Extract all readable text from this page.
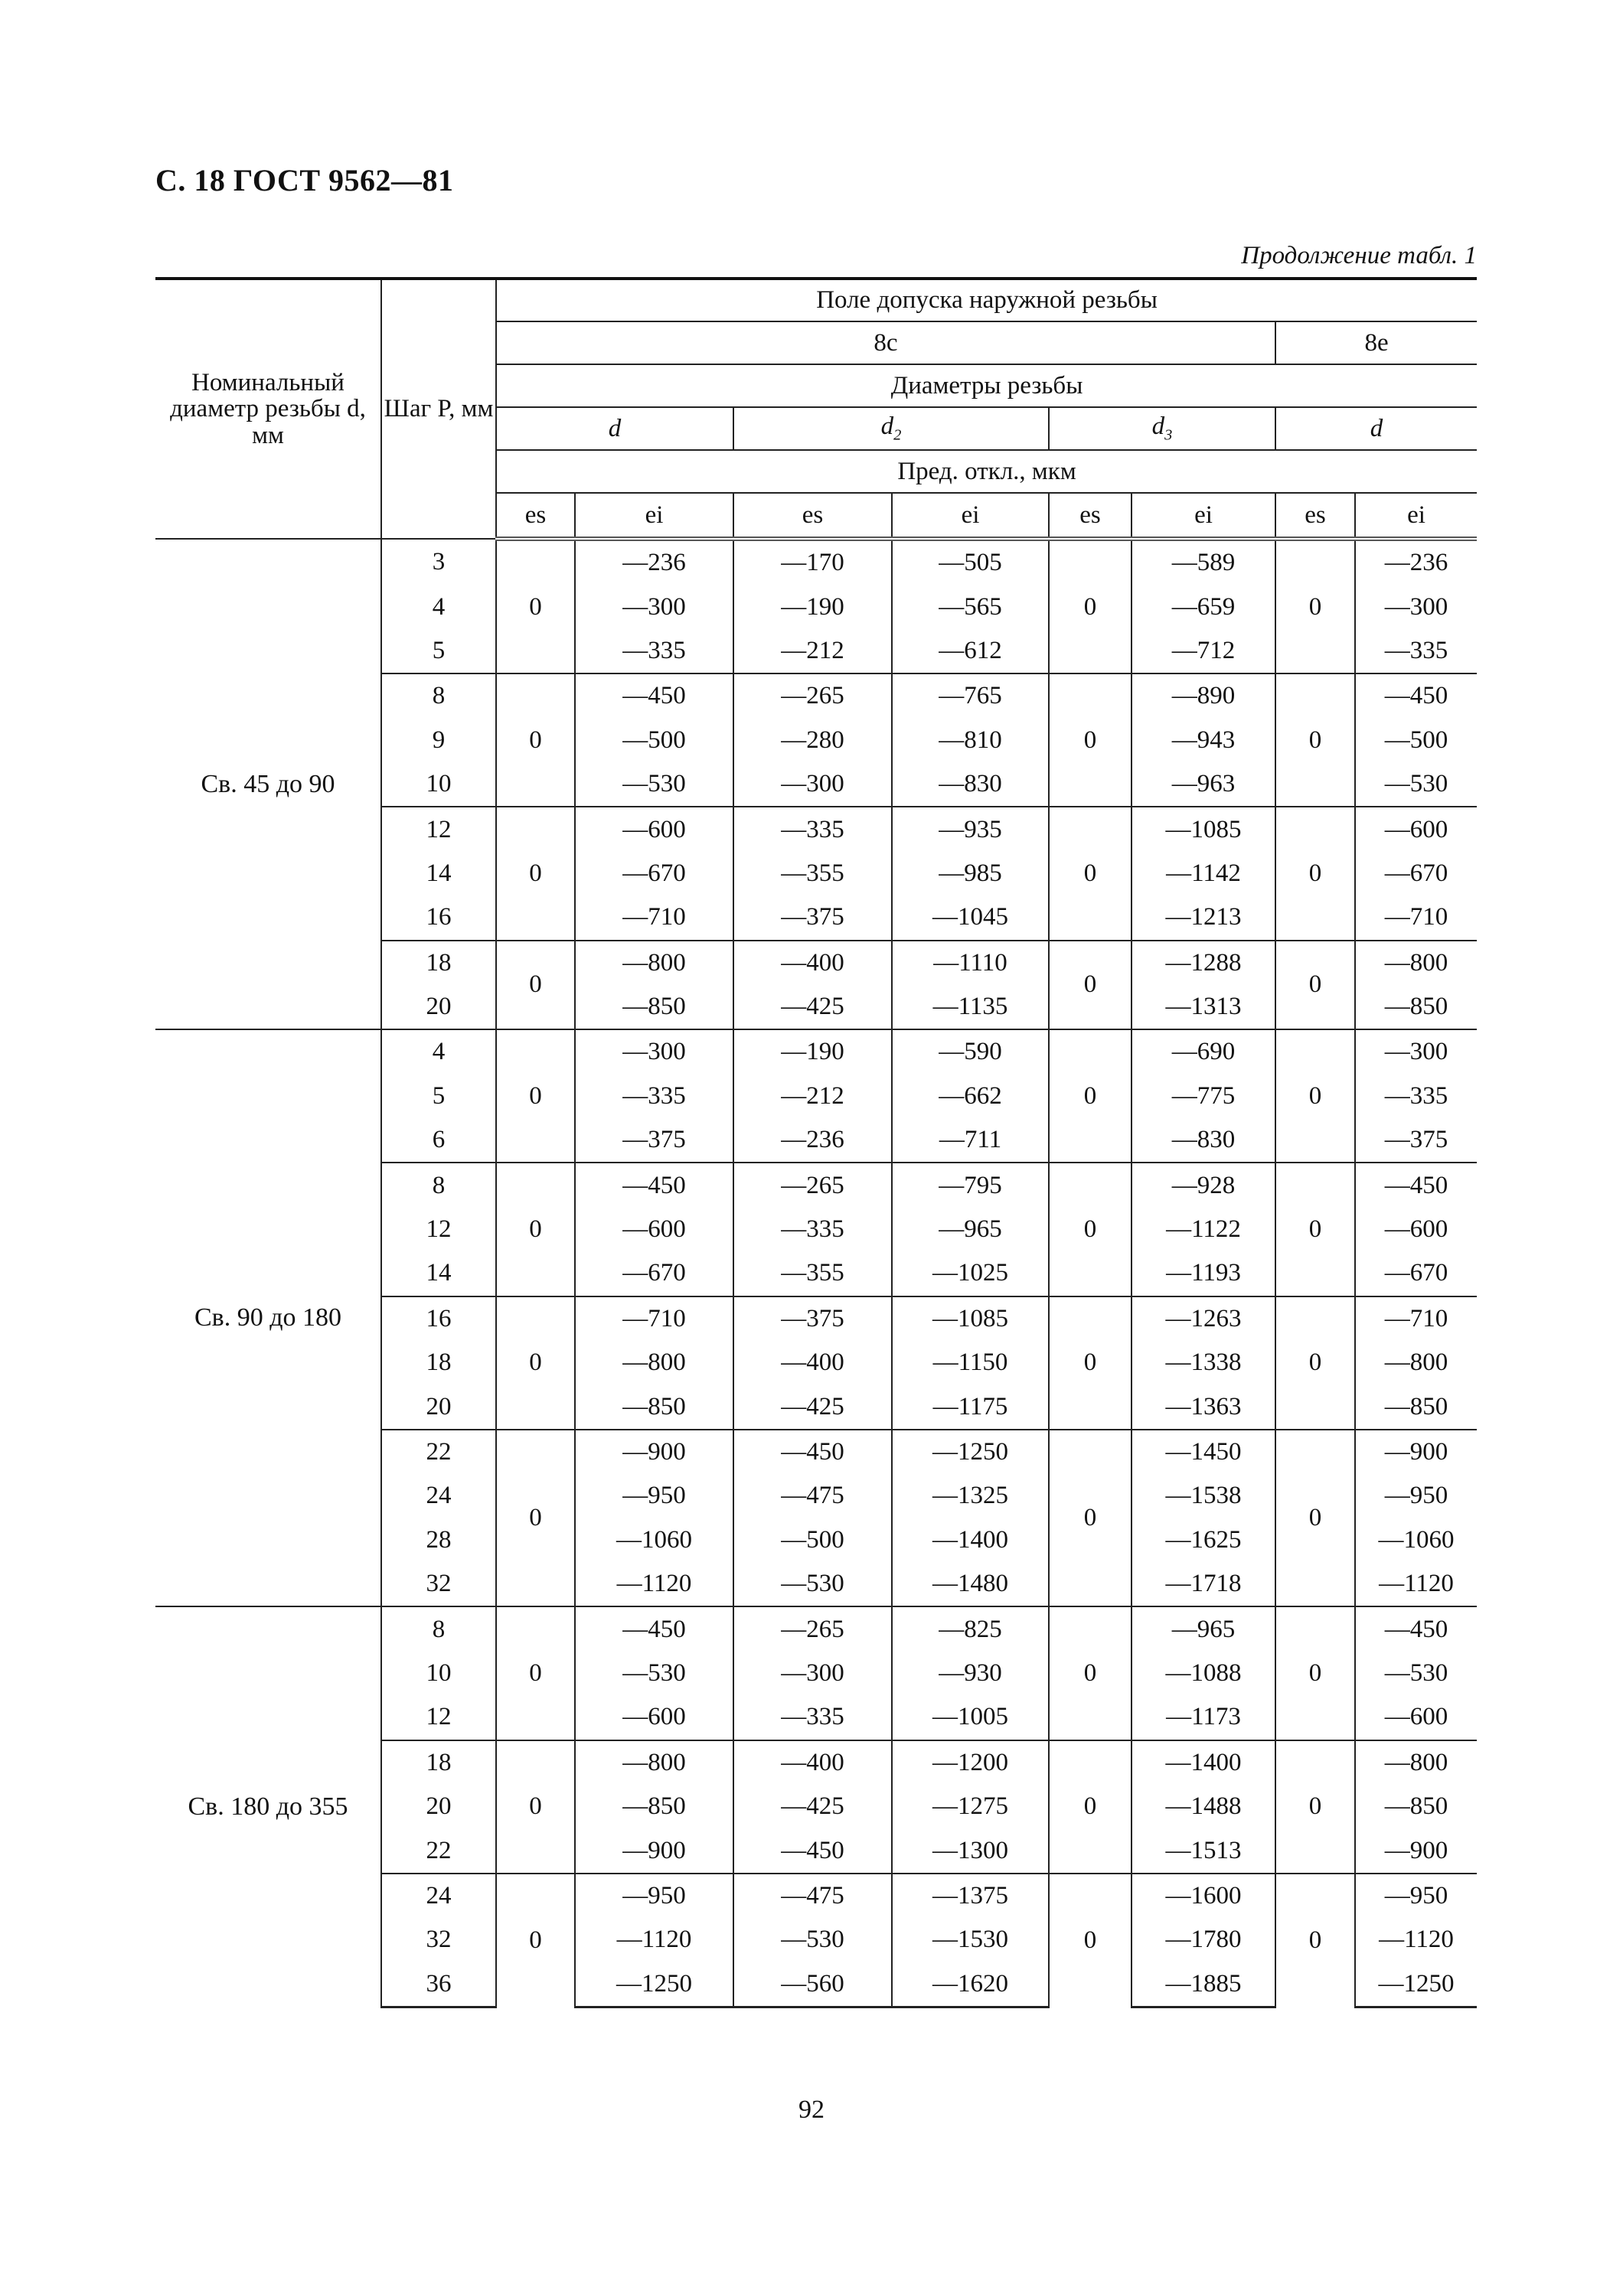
С. 18 ГОСТ 9562—81
Продолжение табл. 1
Номинальный диаметр резьбы d, мм	Шаг P, мм	Поле допуска наружной резьбы							
		8с						8е	
		Диаметры резьбы							
		d		$d_2$		$d_3$		d	
		Пред. откл., мкм							
		es	ei	es	ei	es	ei	es	ei
Св. 45 до 90	3	0	—236	—170	—505	0	—589	0	—236
	4		—300	—190	—565		—659		—300
	5		—335	—212	—612		—712		—335
	8	0	—450	—265	—765	0	—890	0	—450
	9		—500	—280	—810		—943		—500
	10		—530	—300	—830		—963		—530
	12	0	—600	—335	—935	0	—1085	0	—600
	14		—670	—355	—985		—1142		—670
	16		—710	—375	—1045		—1213		—710
	18	0	—800	—400	—1110	0	—1288	0	—800
	20		—850	—425	—1135		—1313		—850
Св. 90 до 180	4	0	—300	—190	—590	0	—690	0	—300
	5		—335	—212	—662		—775		—335
	6		—375	—236	—711		—830		—375
	8	0	—450	—265	—795	0	—928	0	—450
	12		—600	—335	—965		—1122		—600
	14		—670	—355	—1025		—1193		—670
	16	0	—710	—375	—1085	0	—1263	0	—710
	18		—800	—400	—1150		—1338		—800
	20		—850	—425	—1175		—1363		—850
	22	0	—900	—450	—1250	0	—1450	0	—900
	24		—950	—475	—1325		—1538		—950
	28		—1060	—500	—1400		—1625		—1060
	32		—1120	—530	—1480		—1718		—1120
Св. 180 до 355	8	0	—450	—265	—825	0	—965	0	—450
	10		—530	—300	—930		—1088		—530
	12		—600	—335	—1005		—1173		—600
	18	0	—800	—400	—1200	0	—1400	0	—800
	20		—850	—425	—1275		—1488		—850
	22		—900	—450	—1300		—1513		—900
	24	0	—950	—475	—1375	0	—1600	0	—950
	32		—1120	—530	—1530		—1780		—1120
	36		—1250	—560	—1620		—1885		—1250
92
